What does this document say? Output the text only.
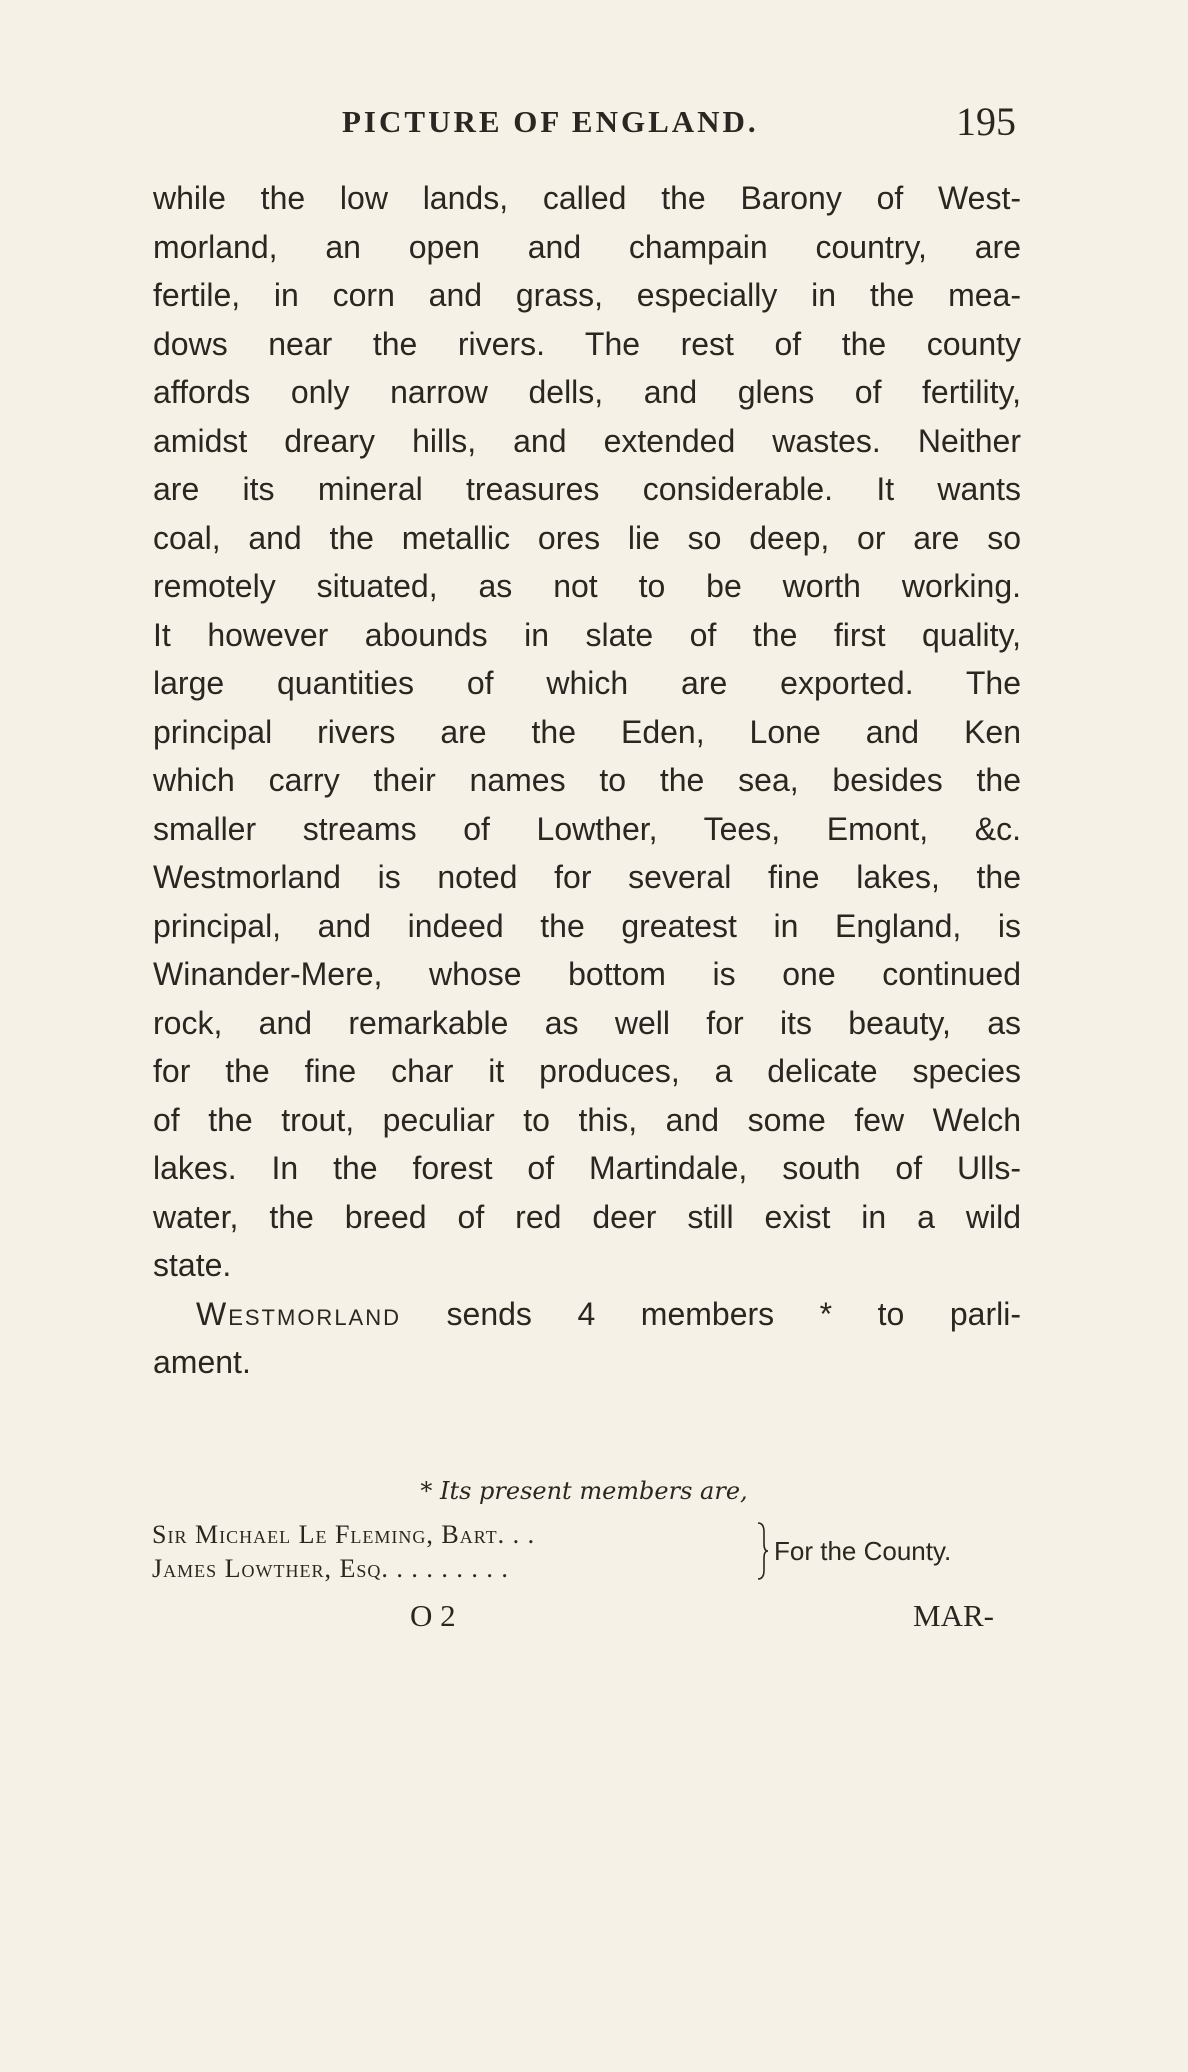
PICTURE OF ENGLAND.	195
while the low lands, called the Barony of West-
morland, an open and champain country, are
fertile, in corn and grass, especially in the mea-
dows near the rivers. The rest of the county
affords only narrow dells, and glens of fertility,
amidst dreary hills, and extended wastes. Neither
are its mineral treasures considerable. It wants
coal, and the metallic ores lie so deep, or are so
remotely situated, as not to be worth working.
It however abounds in slate of the first quality,
large quantities of which are exported. The
principal rivers are the Eden, Lone and Ken
which carry their names to the sea, besides the
smaller streams of Lowther, Tees, Emont, &c.
Westmorland is noted for several fine lakes, the
principal, and indeed the greatest in England, is
Winander-Mere, whose bottom is one continued
rock, and remarkable as well for its beauty, as
for the fine char it produces, a delicate species
of the trout, peculiar to this, and some few Welch
lakes. In the forest of Martindale, south of Ulls-
water, the breed of red deer still exist in a wild
state.
Westmorland sends 4 members * to parli-
ament.
* Its present members are,
Sir Michael Le Fleming, Bart. . .
James Lowther, Esq. . . . . . . . .
For the County.
O 2	MAR-
